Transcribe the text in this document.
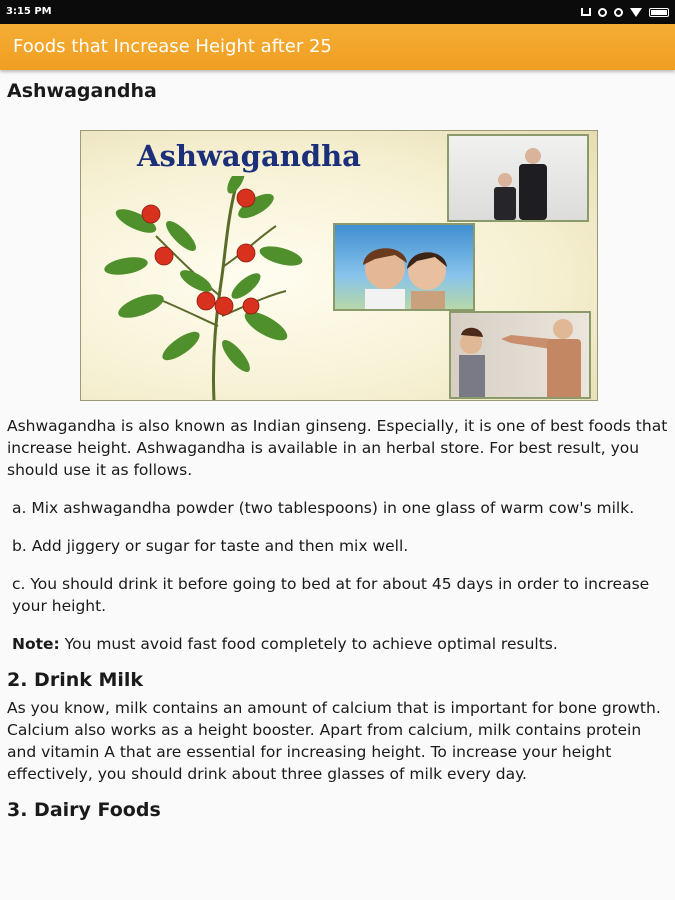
3:15 PM
Foods that Increase Height after 25
Ashwagandha
Ashwagandha

Ashwagandha is also known as Indian ginseng. Especially, it is one of best foods that increase height. Ashwagandha is available in an herbal store. For best result, you should use it as follows.

a. Mix ashwagandha powder (two tablespoons) in one glass of warm cow's milk.

b. Add jiggery or sugar for taste and then mix well.

c. You should drink it before going to bed at for about 45 days in order to increase your height.

Note: You must avoid fast food completely to achieve optimal results.

2. Drink Milk

As you know, milk contains an amount of calcium that is important for bone growth. Calcium also works as a height booster. Apart from calcium, milk contains protein and vitamin A that are essential for increasing height. To increase your height effectively, you should drink about three glasses of milk every day.

3. Dairy Foods
